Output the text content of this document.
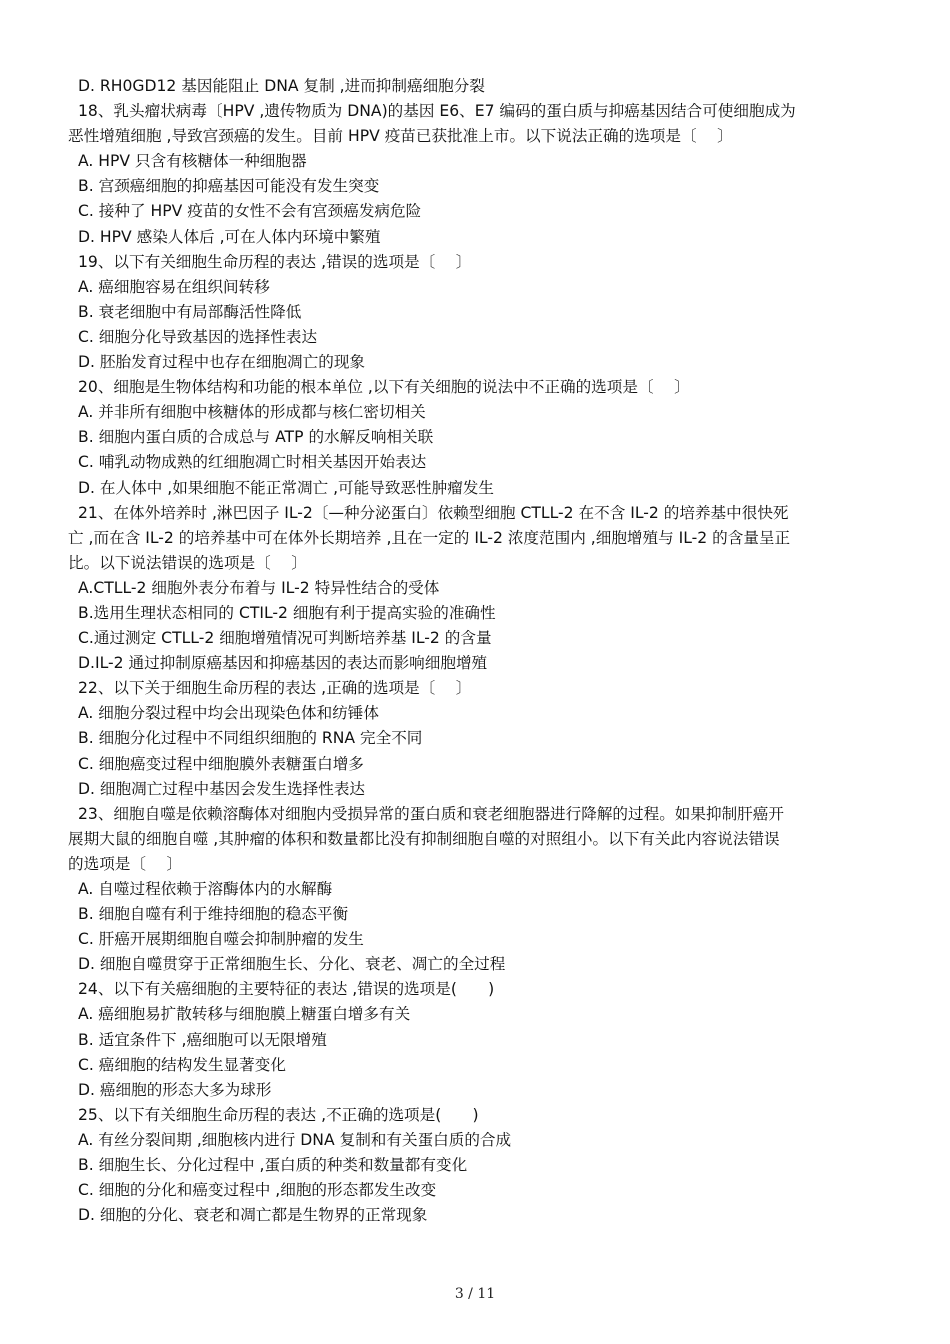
D. RH0GD12 基因能阻止 DNA 复制 ,进而抑制癌细胞分裂
18、乳头瘤状病毒〔HPV ,遗传物质为 DNA)的基因 E6、E7 编码的蛋白质与抑癌基因结合可使细胞成为
恶性增殖细胞 ,导致宫颈癌的发生。目前 HPV 疫苗已获批准上市。以下说法正确的选项是〔　 〕
A. HPV 只含有核糖体一种细胞器
B. 宫颈癌细胞的抑癌基因可能没有发生突变
C. 接种了 HPV 疫苗的女性不会有宫颈癌发病危险
D. HPV 感染人体后 ,可在人体内环境中繁殖
19、以下有关细胞生命历程的表达 ,错误的选项是〔　 〕
A. 癌细胞容易在组织间转移
B. 衰老细胞中有局部酶活性降低
C. 细胞分化导致基因的选择性表达
D. 胚胎发育过程中也存在细胞凋亡的现象
20、细胞是生物体结构和功能的根本单位 ,以下有关细胞的说法中不正确的选项是〔　 〕
A. 并非所有细胞中核糖体的形成都与核仁密切相关
B. 细胞内蛋白质的合成总与 ATP 的水解反响相关联
C. 哺乳动物成熟的红细胞凋亡时相关基因开始表达
D. 在人体中 ,如果细胞不能正常凋亡 ,可能导致恶性肿瘤发生
21、在体外培养时 ,淋巴因子 IL-2〔—种分泌蛋白〕依赖型细胞 CTLL-2 在不含 IL-2 的培养基中很快死
亡 ,而在含 IL-2 的培养基中可在体外长期培养 ,且在一定的 IL-2 浓度范围内 ,细胞增殖与 IL-2 的含量呈正
比。以下说法错误的选项是〔　 〕
A.CTLL-2 细胞外表分布着与 IL-2 特异性结合的受体
B.选用生理状态相同的 CTIL-2 细胞有利于提高实验的准确性
C.通过测定 CTLL-2 细胞增殖情况可判断培养基 IL-2 的含量
D.IL-2 通过抑制原癌基因和抑癌基因的表达而影响细胞增殖
22、以下关于细胞生命历程的表达 ,正确的选项是〔　 〕
A. 细胞分裂过程中均会出现染色体和纺锤体
B. 细胞分化过程中不同组织细胞的 RNA 完全不同
C. 细胞癌变过程中细胞膜外表糖蛋白增多
D. 细胞凋亡过程中基因会发生选择性表达
23、细胞自噬是依赖溶酶体对细胞内受损异常的蛋白质和衰老细胞器进行降解的过程。如果抑制肝癌开
展期大鼠的细胞自噬 ,其肿瘤的体积和数量都比没有抑制细胞自噬的对照组小。以下有关此内容说法错误
的选项是〔　 〕
A. 自噬过程依赖于溶酶体内的水解酶
B. 细胞自噬有利于维持细胞的稳态平衡
C. 肝癌开展期细胞自噬会抑制肿瘤的发生
D. 细胞自噬贯穿于正常细胞生长、分化、衰老、凋亡的全过程
24、以下有关癌细胞的主要特征的表达 ,错误的选项是(　　)
A. 癌细胞易扩散转移与细胞膜上糖蛋白增多有关
B. 适宜条件下 ,癌细胞可以无限增殖
C. 癌细胞的结构发生显著变化
D. 癌细胞的形态大多为球形
25、以下有关细胞生命历程的表达 ,不正确的选项是(　　)
A. 有丝分裂间期 ,细胞核内进行 DNA 复制和有关蛋白质的合成
B. 细胞生长、分化过程中 ,蛋白质的种类和数量都有变化
C. 细胞的分化和癌变过程中 ,细胞的形态都发生改变
D. 细胞的分化、衰老和凋亡都是生物界的正常现象
3 / 11
